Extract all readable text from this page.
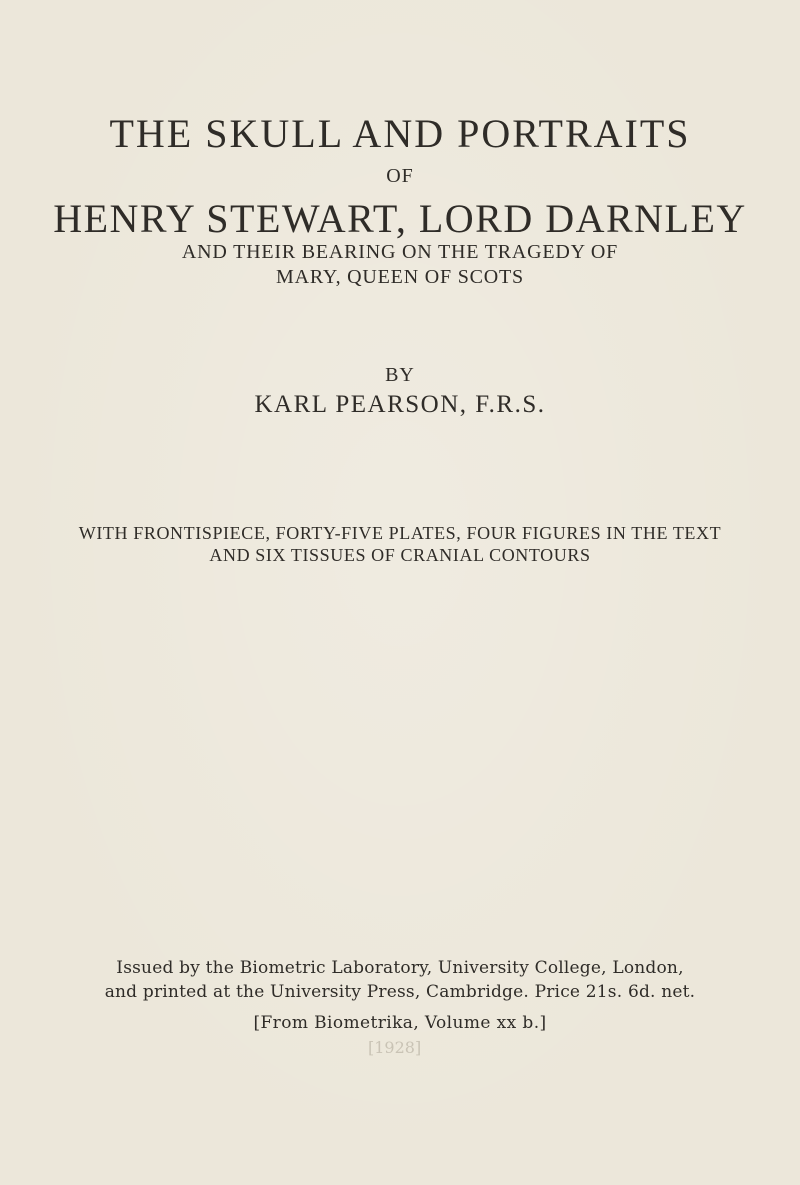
THE SKULL AND PORTRAITS
OF
HENRY STEWART, LORD DARNLEY
AND THEIR BEARING ON THE TRAGEDY OF
MARY, QUEEN OF SCOTS
BY
KARL PEARSON, F.R.S.
WITH FRONTISPIECE, FORTY-FIVE PLATES, FOUR FIGURES IN THE TEXT
AND SIX TISSUES OF CRANIAL CONTOURS
Issued by the Biometric Laboratory, University College, London,
and printed at the University Press, Cambridge. Price 21s. 6d. net.
[From Biometrika, Volume xx b.]
[1928]
